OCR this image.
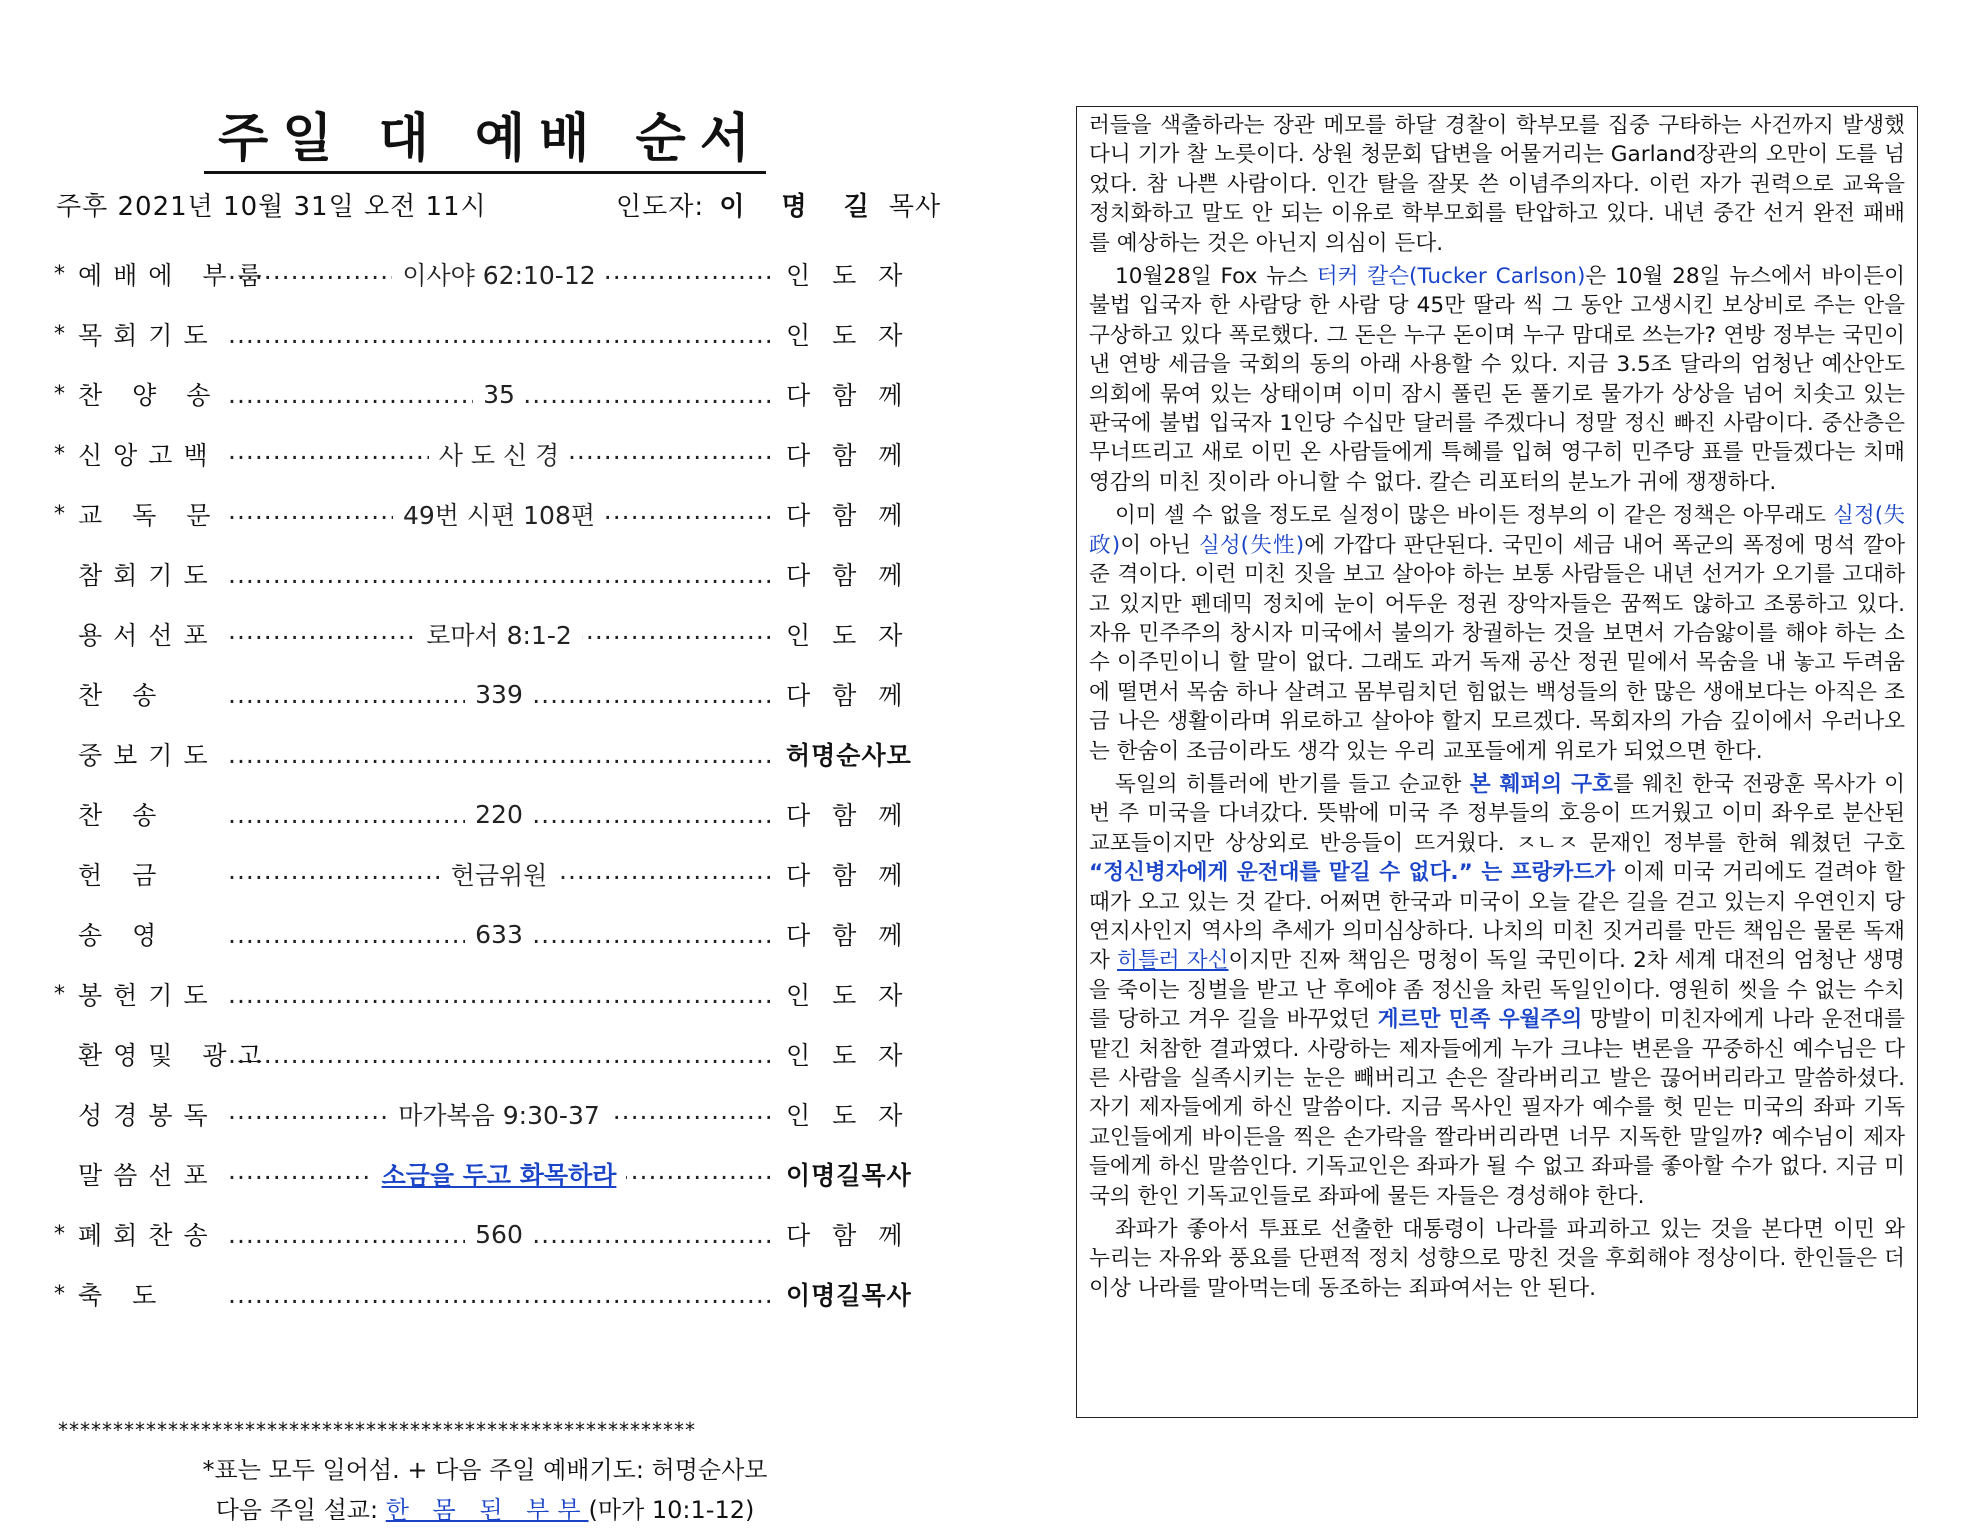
주일 대 예배 순서
주후 2021년 10월 31일 오전 11시	인도자: 이 명 길 목사
* 예배에 부름	..... 이사야 62:10-12	인도자
* 목회기도 .....	인도자
* 찬 양 송	..... 35	다함께
* 신앙고백	..... 사 도 신 경	다함께
* 교 독 문	..... 49번 시편 108편	다함께
참회기도 .....	다함께
용서선포	..... 로마서 8:1-2	인도자
찬 송	..... 339	다함께
중보기도 .....	허명순사모
찬 송	..... 220	다함께
헌 금	..... 헌금위원	다함께
송 영	..... 633	다함께
* 봉헌기도 .....	인도자
환영및 광고 .....	인도자
성경봉독	..... 마가복음 9:30-37	인도자
말씀선포	..... 소금을 두고 화목하라	이명길목사
* 폐회찬송	..... 560	다함께
* 축 도 .....	이명길목사
**********************************************************
*표는 모두 일어섬. + 다음 주일 예배기도: 허명순사모
다음 주일 설교: 한 몸 된 부부(마가 10:1-12)

러들을 색출하라는 장관 메모를 하달 경찰이 학부모를 집중 구타하는 사건까지 발생했다니 기가 찰 노릇이다. 상원 청문회 답변을 어물거리는 Garland장관의 오만이 도를 넘었다. 참 나쁜 사람이다. 인간 탈을 잘못 쓴 이념주의자다. 이런 자가 권력으로 교육을 정치화하고 말도 안 되는 이유로 학부모회를 탄압하고 있다. 내년 중간 선거 완전 패배를 예상하는 것은 아닌지 의심이 든다.

10월28일 Fox 뉴스 터커 칼슨(Tucker Carlson)은 10월 28일 뉴스에서 바이든이 불법 입국자 한 사람당 한 사람 당 45만 딸라 씩 그 동안 고생시킨 보상비로 주는 안을 구상하고 있다 폭로했다. 그 돈은 누구 돈이며 누구 맘대로 쓰는가? 연방 정부는 국민이 낸 연방 세금을 국회의 동의 아래 사용할 수 있다. 지금 3.5조 달라의 엄청난 예산안도 의회에 묶여 있는 상태이며 이미 잠시 풀린 돈 풀기로 물가가 상상을 넘어 치솟고 있는 판국에 불법 입국자 1인당 수십만 달러를 주겠다니 정말 정신 빠진 사람이다. 중산층은 무너뜨리고 새로 이민 온 사람들에게 특혜를 입혀 영구히 민주당 표를 만들겠다는 치매 영감의 미친 짓이라 아니할 수 없다. 칼슨 리포터의 분노가 귀에 쟁쟁하다.

이미 셀 수 없을 정도로 실정이 많은 바이든 정부의 이 같은 정책은 아무래도 실정(失政)이 아닌 실성(失性)에 가깝다 판단된다. 국민이 세금 내어 폭군의 폭정에 멍석 깔아 준 격이다. 이런 미친 짓을 보고 살아야 하는 보통 사람들은 내년 선거가 오기를 고대하고 있지만 펜데믹 정치에 눈이 어두운 정권 장악자들은 꿈쩍도 않하고 조롱하고 있다. 자유 민주주의 창시자 미국에서 불의가 창궐하는 것을 보면서 가슴앓이를 해야 하는 소수 이주민이니 할 말이 없다. 그래도 과거 독재 공산 정권 밑에서 목숨을 내 놓고 두려움에 떨면서 목숨 하나 살려고 몸부림치던 힘없는 백성들의 한 많은 생애보다는 아직은 조금 나은 생활이라며 위로하고 살아야 할지 모르겠다. 목회자의 가슴 깊이에서 우러나오는 한숨이 조금이라도 생각 있는 우리 교포들에게 위로가 되었으면 한다.

독일의 히틀러에 반기를 들고 순교한 본 훼퍼의 구호를 웨친 한국 전광훈 목사가 이번 주 미국을 다녀갔다. 뜻밖에 미국 주 정부들의 호응이 뜨거웠고 이미 좌우로 분산된 교포들이지만 상상외로 반응들이 뜨거웠다. ㅈㄴㅈ 문재인 정부를 한혀 웨쳤던 구호 “정신병자에게 운전대를 맡길 수 없다.” 는 프랑카드가 이제 미국 거리에도 걸려야 할 때가 오고 있는 것 같다. 어쩌면 한국과 미국이 오늘 같은 길을 걷고 있는지 우연인지 당연지사인지 역사의 추세가 의미심상하다. 나치의 미친 짓거리를 만든 책임은 물론 독재자 히틀러 자신이지만 진짜 책임은 멍청이 독일 국민이다. 2차 세계 대전의 엄청난 생명을 죽이는 징벌을 받고 난 후에야 좀 정신을 차린 독일인이다. 영원히 씻을 수 없는 수치를 당하고 겨우 길을 바꾸었던 게르만 민족 우월주의 망발이 미친자에게 나라 운전대를 맡긴 처참한 결과였다. 사랑하는 제자들에게 누가 크냐는 변론을 꾸중하신 예수님은 다른 사람을 실족시키는 눈은 빼버리고 손은 잘라버리고 발은 끊어버리라고 말씀하셨다. 자기 제자들에게 하신 말씀이다. 지금 목사인 필자가 예수를 헛 믿는 미국의 좌파 기독교인들에게 바이든을 찍은 손가락을 짤라버리라면 너무 지독한 말일까? 예수님이 제자들에게 하신 말씀인다. 기독교인은 좌파가 될 수 없고 좌파를 좋아할 수가 없다. 지금 미국의 한인 기독교인들로 좌파에 물든 자들은 경성해야 한다.

좌파가 좋아서 투표로 선출한 대통령이 나라를 파괴하고 있는 것을 본다면 이민 와 누리는 자유와 풍요를 단편적 정치 성향으로 망친 것을 후회해야 정상이다. 한인들은 더 이상 나라를 말아먹는데 동조하는 죄파여서는 안 된다.
